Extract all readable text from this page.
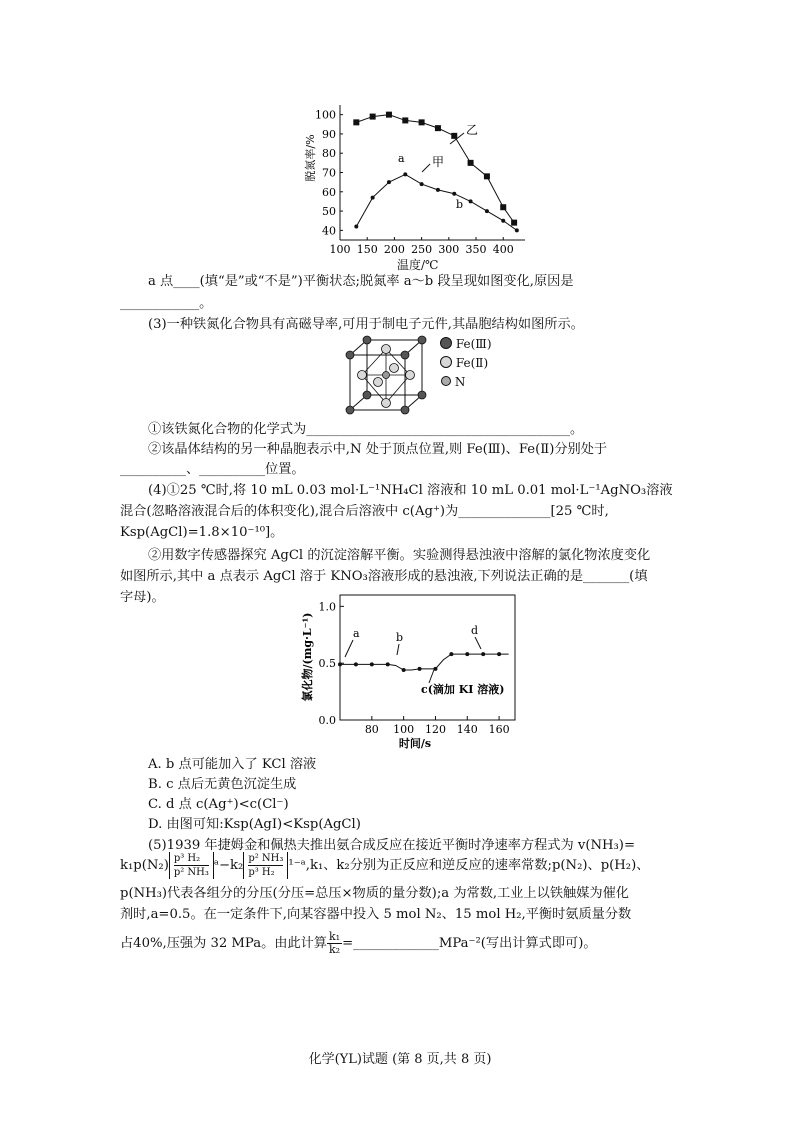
100 150 200 250 300 350 400
40
50
60
70
80
90
100
脱氮率/%	a
b
甲
乙
温度/℃
a 点____(填“是”或“不是”)平衡状态;脱氮率 a～b 段呈现如图变化,原因是
____________。
(3)一种铁氮化合物具有高磁导率,可用于制电子元件,其晶胞结构如图所示。
Fe(Ⅲ)
Fe(Ⅱ)
N
①该铁氮化合物的化学式为________________________________________。
②该晶体结构的另一种晶胞表示中,N 处于顶点位置,则 Fe(Ⅲ)、Fe(Ⅱ)分别处于
__________、__________位置。
(4)①25 ℃时,将 10 mL 0.03 mol·L⁻¹NH₄Cl 溶液和 10 mL 0.01 mol·L⁻¹AgNO₃溶液
混合(忽略溶液混合后的体积变化),混合后溶液中 c(Ag⁺)为______________[25 ℃时,
Ksp(AgCl)=1.8×10⁻¹⁰]。
②用数字传感器探究 AgCl 的沉淀溶解平衡。实验测得悬浊液中溶解的氯化物浓度变化
如图所示,其中 a 点表示 AgCl 溶于 KNO₃溶液形成的悬浊液,下列说法正确的是_______(填
字母)。
80 100 120 140 160
0.0
0.5
1.0
氯化物/(mg·L⁻¹)
时间/s
a	b
c(滴加 KI 溶液)
d
A. b 点可能加入了 KCl 溶液
B. c 点后无黄色沉淀生成
C. d 点 c(Ag⁺)<c(Cl⁻)
D. 由图可知:Ksp(AgI)<Ksp(AgCl)
(5)1939 年捷姆金和佩热夫推出氨合成反应在接近平衡时净速率方程式为 v(NH₃)=
$k_1p(N_2) \frac{\text{p³ H₂}}{\text{p² NH₃}}$ ᵃ−k₂ $\frac{\text{p² NH₃}}{\text{p³ H₂}}$ ¹⁻ᵃ,k₁、k₂分别为正反应和逆反应的速率常数;p(N₂)、p(H₂)、
p(NH₃)代表各组分的分压(分压=总压×物质的量分数);a 为常数,工业上以铁触媒为催化
剂时,a=0.5。在一定条件下,向某容器中投入 5 mol N₂、15 mol H₂,平衡时氨质量分数
占40%,压强为 32 MPa。由此计算 $\frac{\text{k₁}}{\text{k₂}}$ =_____________MPa⁻²(写出计算式即可)。
化学(YL)试题 (第 8 页,共 8 页)
